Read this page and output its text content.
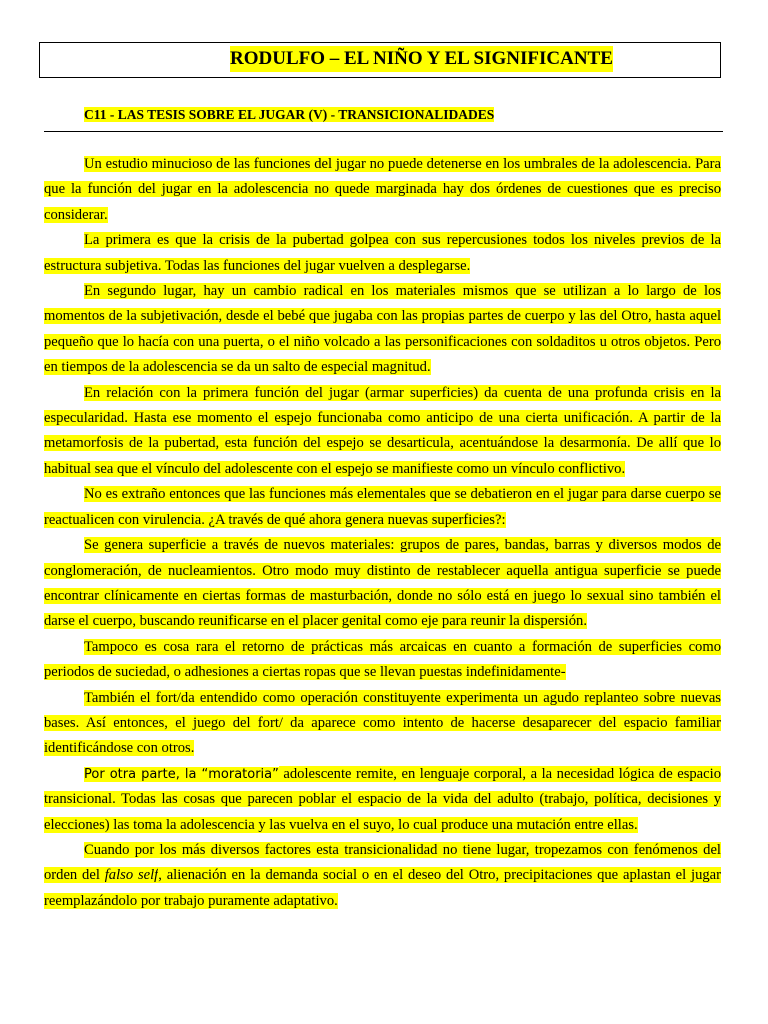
RODULFO – EL NIÑO Y EL SIGNIFICANTE
C11 - LAS TESIS SOBRE EL JUGAR (V) - TRANSICIONALIDADES

Un estudio minucioso de las funciones del jugar no puede detenerse en los umbrales de la adolescencia. Para que la función del jugar en la adolescencia no quede marginada hay dos órdenes de cuestiones que es preciso considerar.

La primera es que la crisis de la pubertad golpea con sus repercusiones todos los niveles previos de la estructura subjetiva. Todas las funciones del jugar vuelven a desplegarse.

En segundo lugar, hay un cambio radical en los materiales mismos que se utilizan a lo largo de los momentos de la subjetivación, desde el bebé que jugaba con las propias partes de cuerpo y las del Otro, hasta aquel pequeño que lo hacía con una puerta, o el niño volcado a las personificaciones con soldaditos u otros objetos. Pero en tiempos de la adolescencia se da un salto de especial magnitud.

En relación con la primera función del jugar (armar superficies) da cuenta de una profunda crisis en la especularidad. Hasta ese momento el espejo funcionaba como anticipo de una cierta unificación. A partir de la metamorfosis de la pubertad, esta función del espejo se desarticula, acentuándose la desarmonía. De allí que lo habitual sea que el vínculo del adolescente con el espejo se manifieste como un vínculo conflictivo.

No es extraño entonces que las funciones más elementales que se debatieron en el jugar para darse cuerpo se reactualicen con virulencia. ¿A través de qué ahora genera nuevas superficies?:

Se genera superficie a través de nuevos materiales: grupos de pares, bandas, barras y diversos modos de conglomeración, de nucleamientos. Otro modo muy distinto de restablecer aquella antigua superficie se puede encontrar clínicamente en ciertas formas de masturbación, donde no sólo está en juego lo sexual sino también el darse el cuerpo, buscando reunificarse en el placer genital como eje para reunir la dispersión.

Tampoco es cosa rara el retorno de prácticas más arcaicas en cuanto a formación de superficies como periodos de suciedad, o adhesiones a ciertas ropas que se llevan puestas indefinidamente-

También el fort/da entendido como operación constituyente experimenta un agudo replanteo sobre nuevas bases. Así entonces, el juego del fort/ da aparece como intento de hacerse desaparecer del espacio familiar identificándose con otros.

Por otra parte, la “moratoria” adolescente remite, en lenguaje corporal, a la necesidad lógica de espacio transicional. Todas las cosas que parecen poblar el espacio de la vida del adulto (trabajo, política, decisiones y elecciones) las toma la adolescencia y las vuelva en el suyo, lo cual produce una mutación entre ellas.

Cuando por los más diversos factores esta transicionalidad no tiene lugar, tropezamos con fenómenos del orden del falso self, alienación en la demanda social o en el deseo del Otro, precipitaciones que aplastan el jugar reemplazándolo por trabajo puramente adaptativo.
